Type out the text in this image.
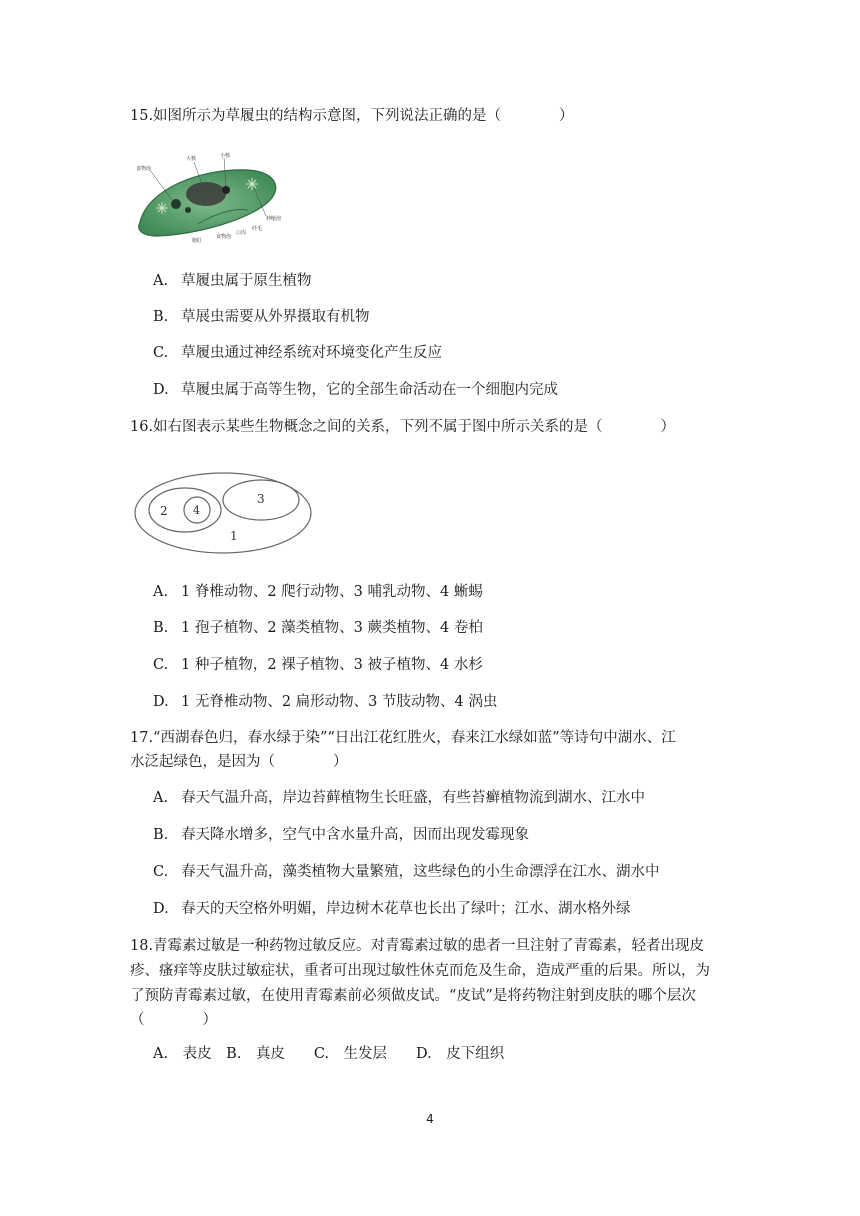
15.如图所示为草履虫的结构示意图，下列说法正确的是（　　　　）
大核	小核
食物泡
伸缩泡
纤毛
口沟
食物泡
胞肛
A. 草履虫属于原生植物
B. 草展虫需要从外界摄取有机物
C. 草履虫通过神经系统对环境变化产生反应
D. 草履虫属于高等生物，它的全部生命活动在一个细胞内完成
16.如右图表示某些生物概念之间的关系，下列不属于图中所示关系的是（　　　　）
2 4
3
1
A. 1 脊椎动物、2 爬行动物、3 哺乳动物、4 蜥蜴
B. 1 孢子植物、2 藻类植物、3 蕨类植物、4 卷柏
C. 1 种子植物，2 裸子植物、3 被子植物、4 水杉
D. 1 无脊椎动物、2 扁形动物、3 节肢动物、4 涡虫
17.“西湖春色归，春水绿于染”“日出江花红胜火，春来江水绿如蓝”等诗句中湖水、江
水泛起绿色，是因为（　　　　）
A. 春天气温升高，岸边苔藓植物生长旺盛，有些苔癣植物流到湖水、江水中
B. 春天降水增多，空气中含水量升高，因而出现发霉现象
C. 春天气温升高，藻类植物大量繁殖，这些绿色的小生命漂浮在江水、湖水中
D. 春天的天空格外明媚，岸边树木花草也长出了绿叶；江水、湖水格外绿
18.青霉素过敏是一种药物过敏反应。对青霉素过敏的患者一旦注射了青霉素，轻者出现皮
疹、瘙痒等皮肤过敏症状，重者可出现过敏性休克而危及生命，造成严重的后果。所以，为
了预防青霉素过敏，在使用青霉素前必须做皮试。“皮试”是将药物注射到皮肤的哪个层次
（　　　　）
A.　表皮　B.　真皮　　C.　生发层　　D.　皮下组织
4
